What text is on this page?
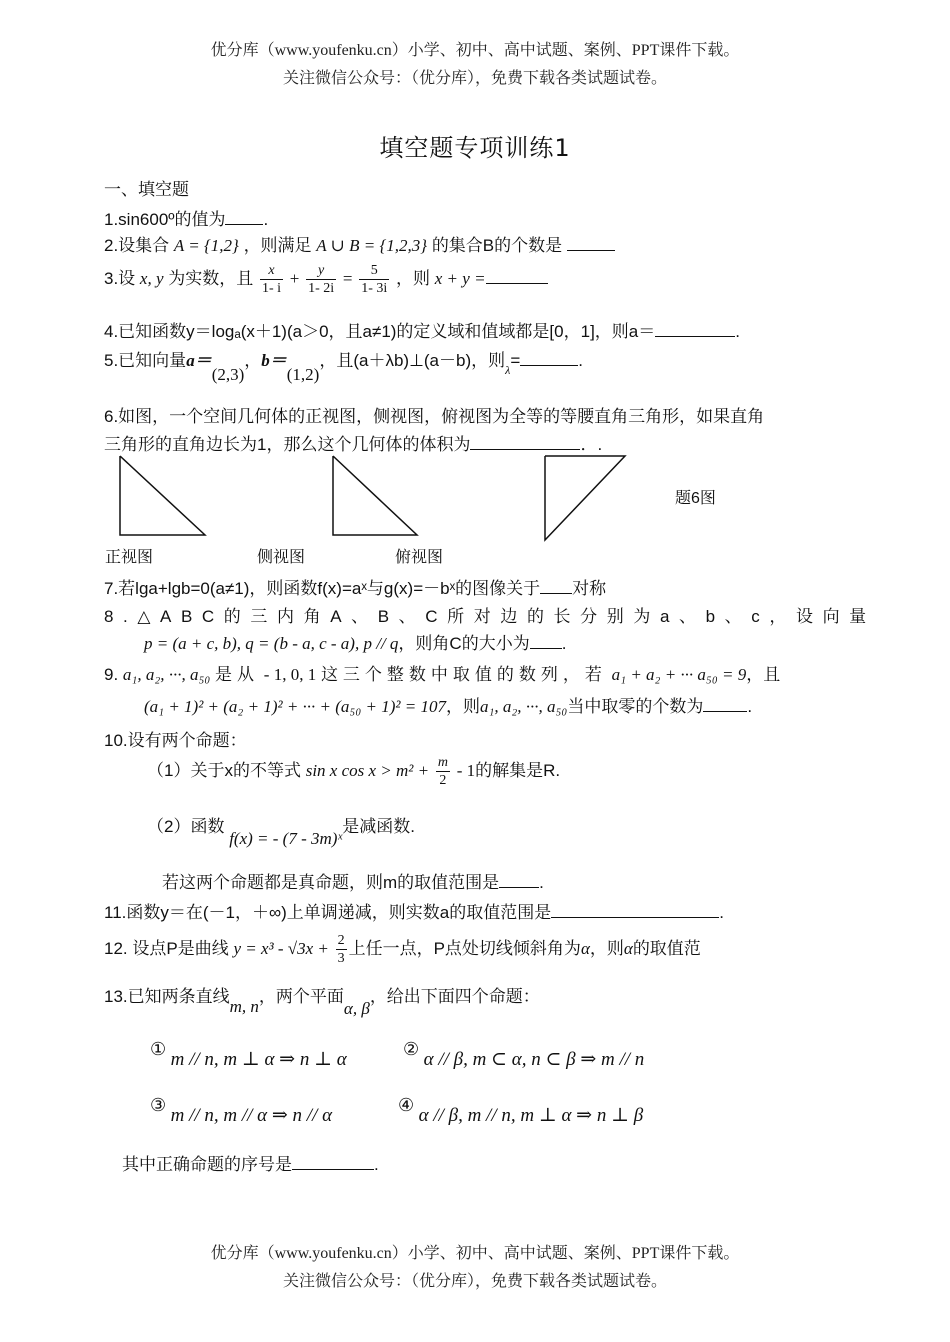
优分库（www.youfenku.cn）小学、初中、高中试题、案例、PPT课件下载。
关注微信公众号：（优分库），免费下载各类试题试卷。
填空题专项训练1
一、填空题
1.sin600º的值为 .
2.设集合 A = {1,2} ，则满足 A ∪ B = {1,2,3} 的集合B的个数是
3.设 x, y 为实数，且 $\frac{x}{1- i} + \frac{y}{1- 2i} = \frac{5}{1- 3i}$ ，则 x + y =
4.已知函数y＝logₐ(x＋1)(a＞0，且a≠1)的定义域和值域都是[0，1]，则a＝	.
5.已知向量a＝(2,3)，b＝(1,2)，且(a＋λb)⊥(a－b)，则$_\lambda$=	.
6.如图，一个空间几何体的正视图，侧视图，俯视图为全等的等腰直角三角形，如果直角
三角形的直角边长为1，那么这个几何体的体积为	．.
题6图
正视图	侧视图	俯视图
7.若lga+lgb=0(a≠1)，则函数f(x)=aˣ与g(x)=－bˣ的图像关于 对称
8.△ABC的三内角A、B、C所对边的长分别为a、b、c，设向量
p = (a + c, b), q = (b - a, c - a), p // q，则角C的大小为 .
9. a₁, a₂, ···, a₅₀ 是从 - 1, 0, 1 这三个整数中取值的数列，若 a₁ + a₂ + ··· a₅₀ = 9，且
(a₁ + 1)² + (a₂ + 1)² + ··· + (a₅₀ + 1)² = 107，则a₁, a₂, ···, a₅₀当中取零的个数为	.
10.设有两个命题：
（1）关于x的不等式 sin x $\cos x > m^2 + \frac{m}{2} - 1$的解集是R.
（2）函数 f(x) = - (7 - 3m)ˣ是减函数.
若这两个命题都是真命题，则m的取值范围是 .
11.函数y＝在(－1，＋∞)上单调递减，则实数a的取值范围是	.
12. 设点P是曲线 $y = x^3 - √3x + \frac{2}{3}$ 上任一点，P点处切线倾斜角为α，则α的取值范
13.已知两条直线m, n，两个平面α, β，给出下面四个命题：
① m // n, m ⊥ α ⇒ n ⊥ α	② α // β, m ⊂ α, n ⊂ β ⇒ m // n
③ m // n, m // α ⇒ n // α	④ α // β, m // n, m ⊥ α ⇒ n ⊥ β
其中正确命题的序号是	.
优分库（www.youfenku.cn）小学、初中、高中试题、案例、PPT课件下载。
关注微信公众号：（优分库），免费下载各类试题试卷。
